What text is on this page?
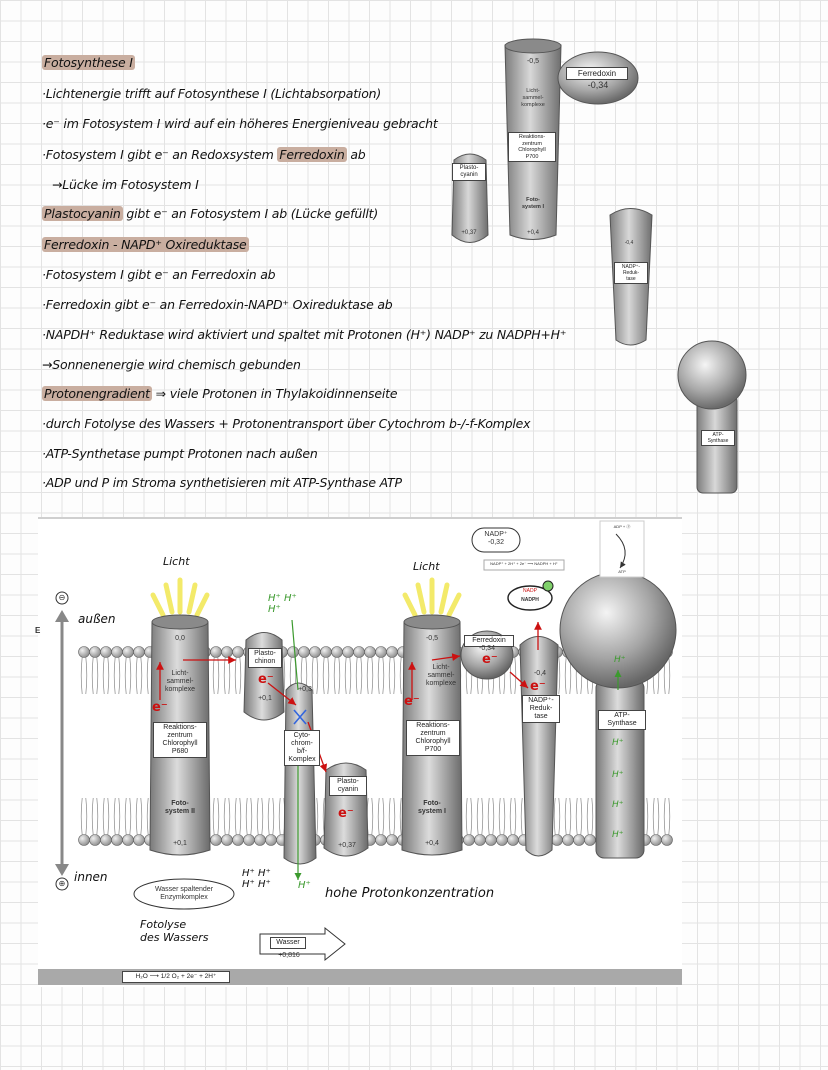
Fotosynthese I
·Lichtenergie trifft auf Fotosynthese I (Lichtabsorpation)
·e⁻ im Fotosystem I wird auf ein höheres Energieniveau gebracht
·Fotosystem I gibt e⁻ an Redoxsystem Ferredoxin ab
→Lücke im Fotosystem I
Plastocyanin gibt e⁻ an Fotosystem I ab (Lücke gefüllt)
Ferredoxin - NAPD⁺ Oxireduktase
·Fotosystem I gibt e⁻ an Ferredoxin ab
·Ferredoxin gibt e⁻ an Ferredoxin-NAPD⁺ Oxireduktase ab
·NAPDH⁺ Reduktase wird aktiviert und spaltet mit Protonen (H⁺) NADP⁺ zu NADPH+H⁺
→Sonnenenergie wird chemisch gebunden
Protonengradient ⇒ viele Protonen in Thylakoidinnenseite
·durch Fotolyse des Wassers + Protonentransport über Cytochrom b-/-f-Komplex
·ATP-Synthetase pumpt Protonen nach außen
·ADP und P im Stroma synthetisieren mit ATP-Synthase ATP
-0,5
Licht-
sammel-
komplexe
Reaktions-
zentrum
Chlorophyll
P700
Foto-
system I
+0,4
Plasto-
cyanin
+0,37
Ferredoxin
-0,34
-0,4
NADP⁺-
Reduk-
tase
ATP-
Synthase
E
⊖
⊕
außen
innen
Licht	Licht
0,0
Licht-
sammel-
komplexe
Reaktions-
zentrum
Chlorophyll
P680
Foto-
system II
+0,1
e⁻
Plasto-
chinon
+0,1
e⁻
+0,3
Cyto-
chrom-
b/f-
Komplex
Plasto-
cyanin
e⁻
+0,37
-0,5
Licht-
sammel-
komplexe
Reaktions-
zentrum
Chlorophyll
P700
Foto-
system I
+0,4
e⁻
Ferredoxin
-0,34
e⁻
-0,4
e⁻
NADP⁺-
Reduk-
tase	ATP-
Synthase
NADP⁺
-0,32
NADP⁺ + 2H⁺ + 2e⁻ ⟶ NADPH + H⁺
ADP + Ⓟ
ATP
NADPH
NADP
H⁺ H⁺
H⁺
H⁺
H⁺
H⁺
H⁺
H⁺
H⁺ H⁺
H⁺ H⁺	H⁺
Wasser spaltender
Enzymkomplex
Fotolyse
des Wassers	Wasser
+0,816
H₂O ⟶ 1/2 O₂ + 2e⁻ + 2H⁺
hohe Protonkonzentration
